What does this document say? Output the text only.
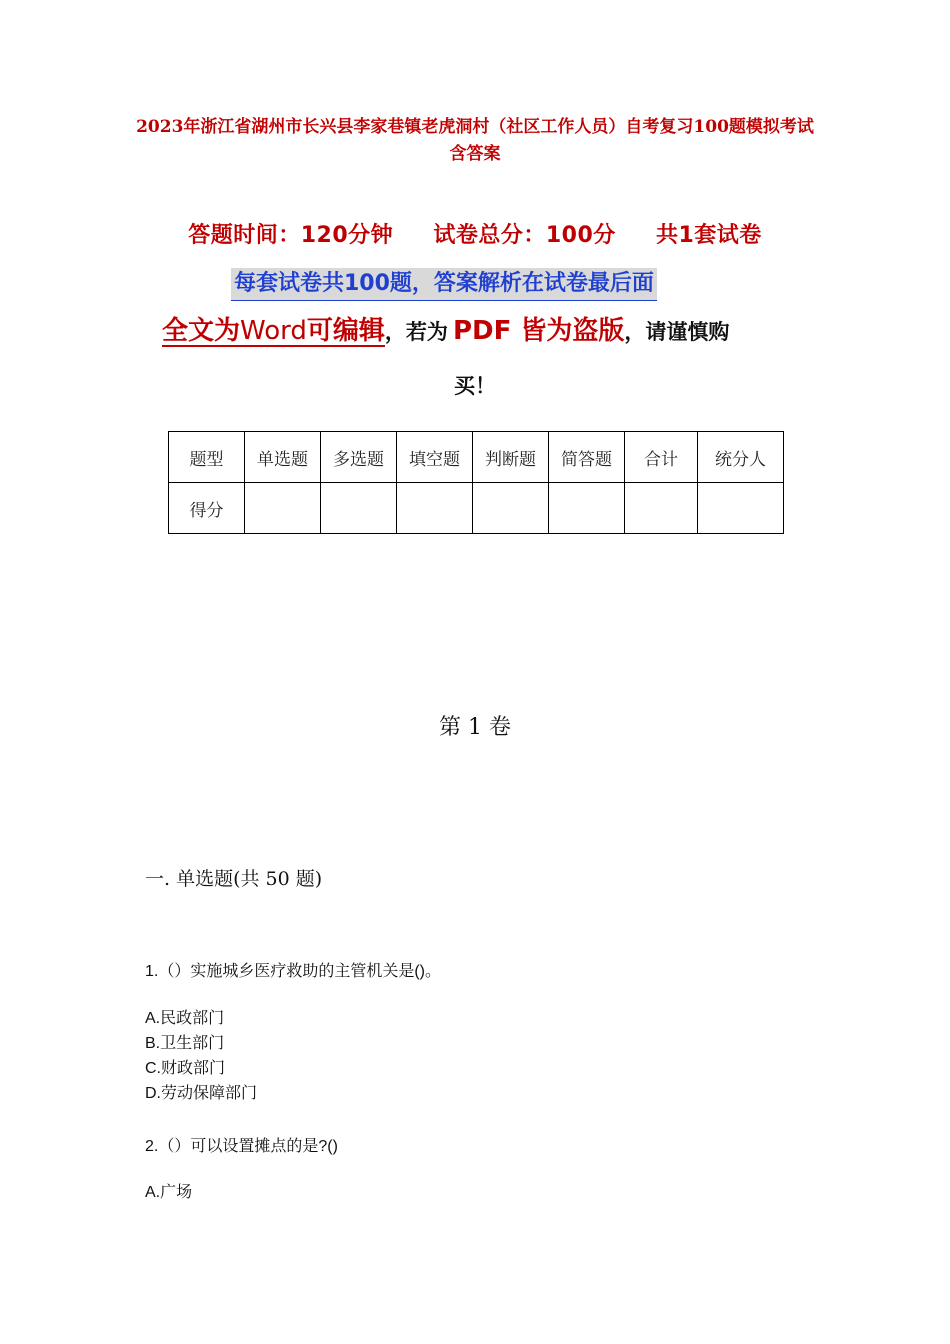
2023年浙江省湖州市长兴县李家巷镇老虎洞村（社区工作人员）自考复习100题模拟考试含答案
答题时间：120分钟 试卷总分：100分 共1套试卷
每套试卷共100题，答案解析在试卷最后面
全文为Word可编辑，若为 PDF 皆为盗版，请谨慎购
买！
题型	单选题	多选题	填空题	判断题	简答题	合计	统分人
得分							
第 1 卷
一. 单选题(共 50 题)
1.（）实施城乡医疗救助的主管机关是()。
A.民政部门
B.卫生部门
C.财政部门
D.劳动保障部门
2.（）可以设置摊点的是?()
A.广场
